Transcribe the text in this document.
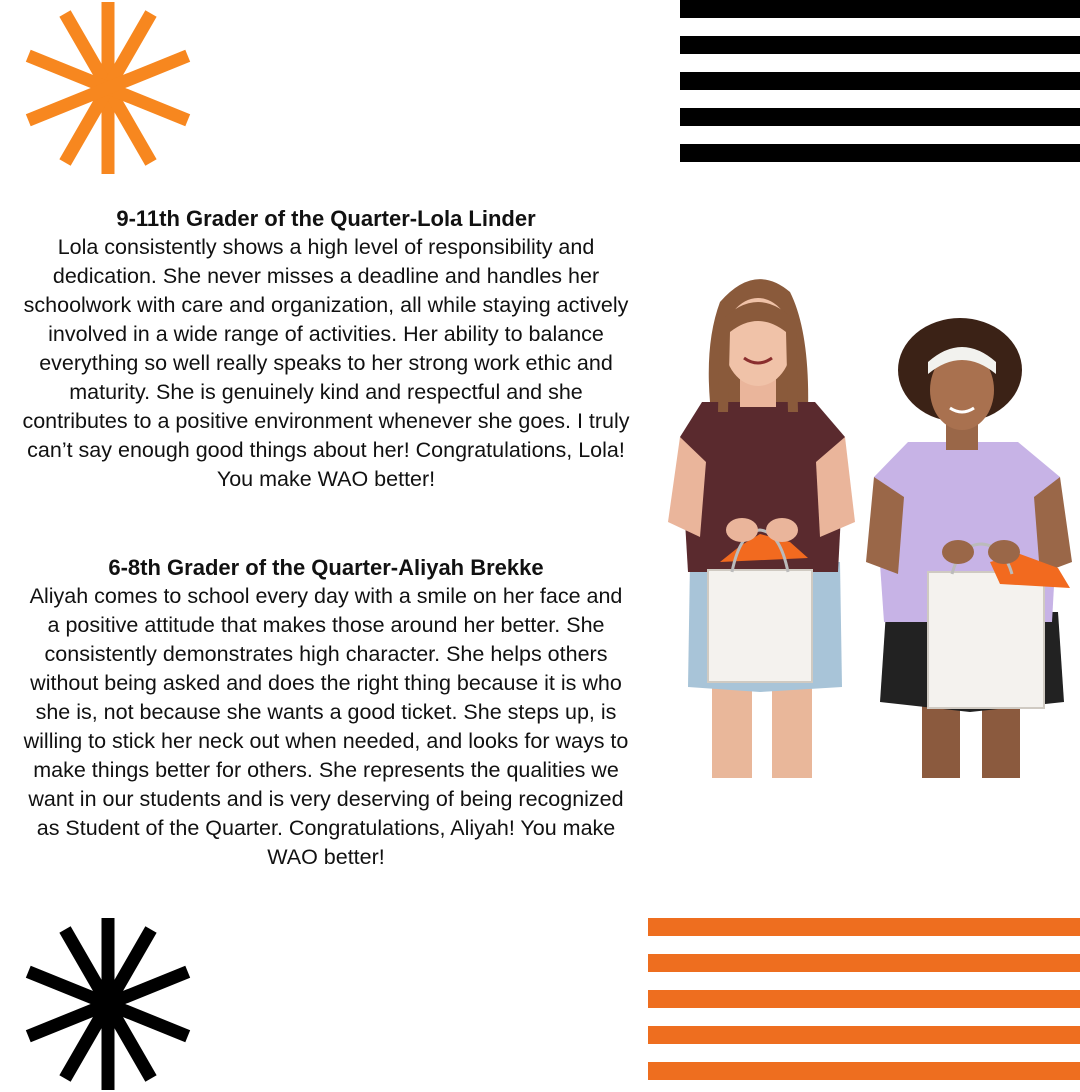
9-11th Grader of the Quarter-Lola Linder

Lola consistently shows a high level of responsibility and dedication. She never misses a deadline and handles her schoolwork with care and organization, all while staying actively involved in a wide range of activities. Her ability to balance everything so well really speaks to her strong work ethic and maturity. She is genuinely kind and respectful and she contributes to a positive environment whenever she goes. I truly can’t say enough good things about her! Congratulations, Lola! You make WAO better!

6-8th Grader of the Quarter-Aliyah Brekke

Aliyah comes to school every day with a smile on her face and a positive attitude that makes those around her better. She consistently demonstrates high character. She helps others without being asked and does the right thing because it is who she is, not because she wants a good ticket. She steps up, is willing to stick her neck out when needed, and looks for ways to make things better for others. She represents the qualities we want in our students and is very deserving of being recognized as Student of the Quarter. Congratulations, Aliyah! You make WAO better!
